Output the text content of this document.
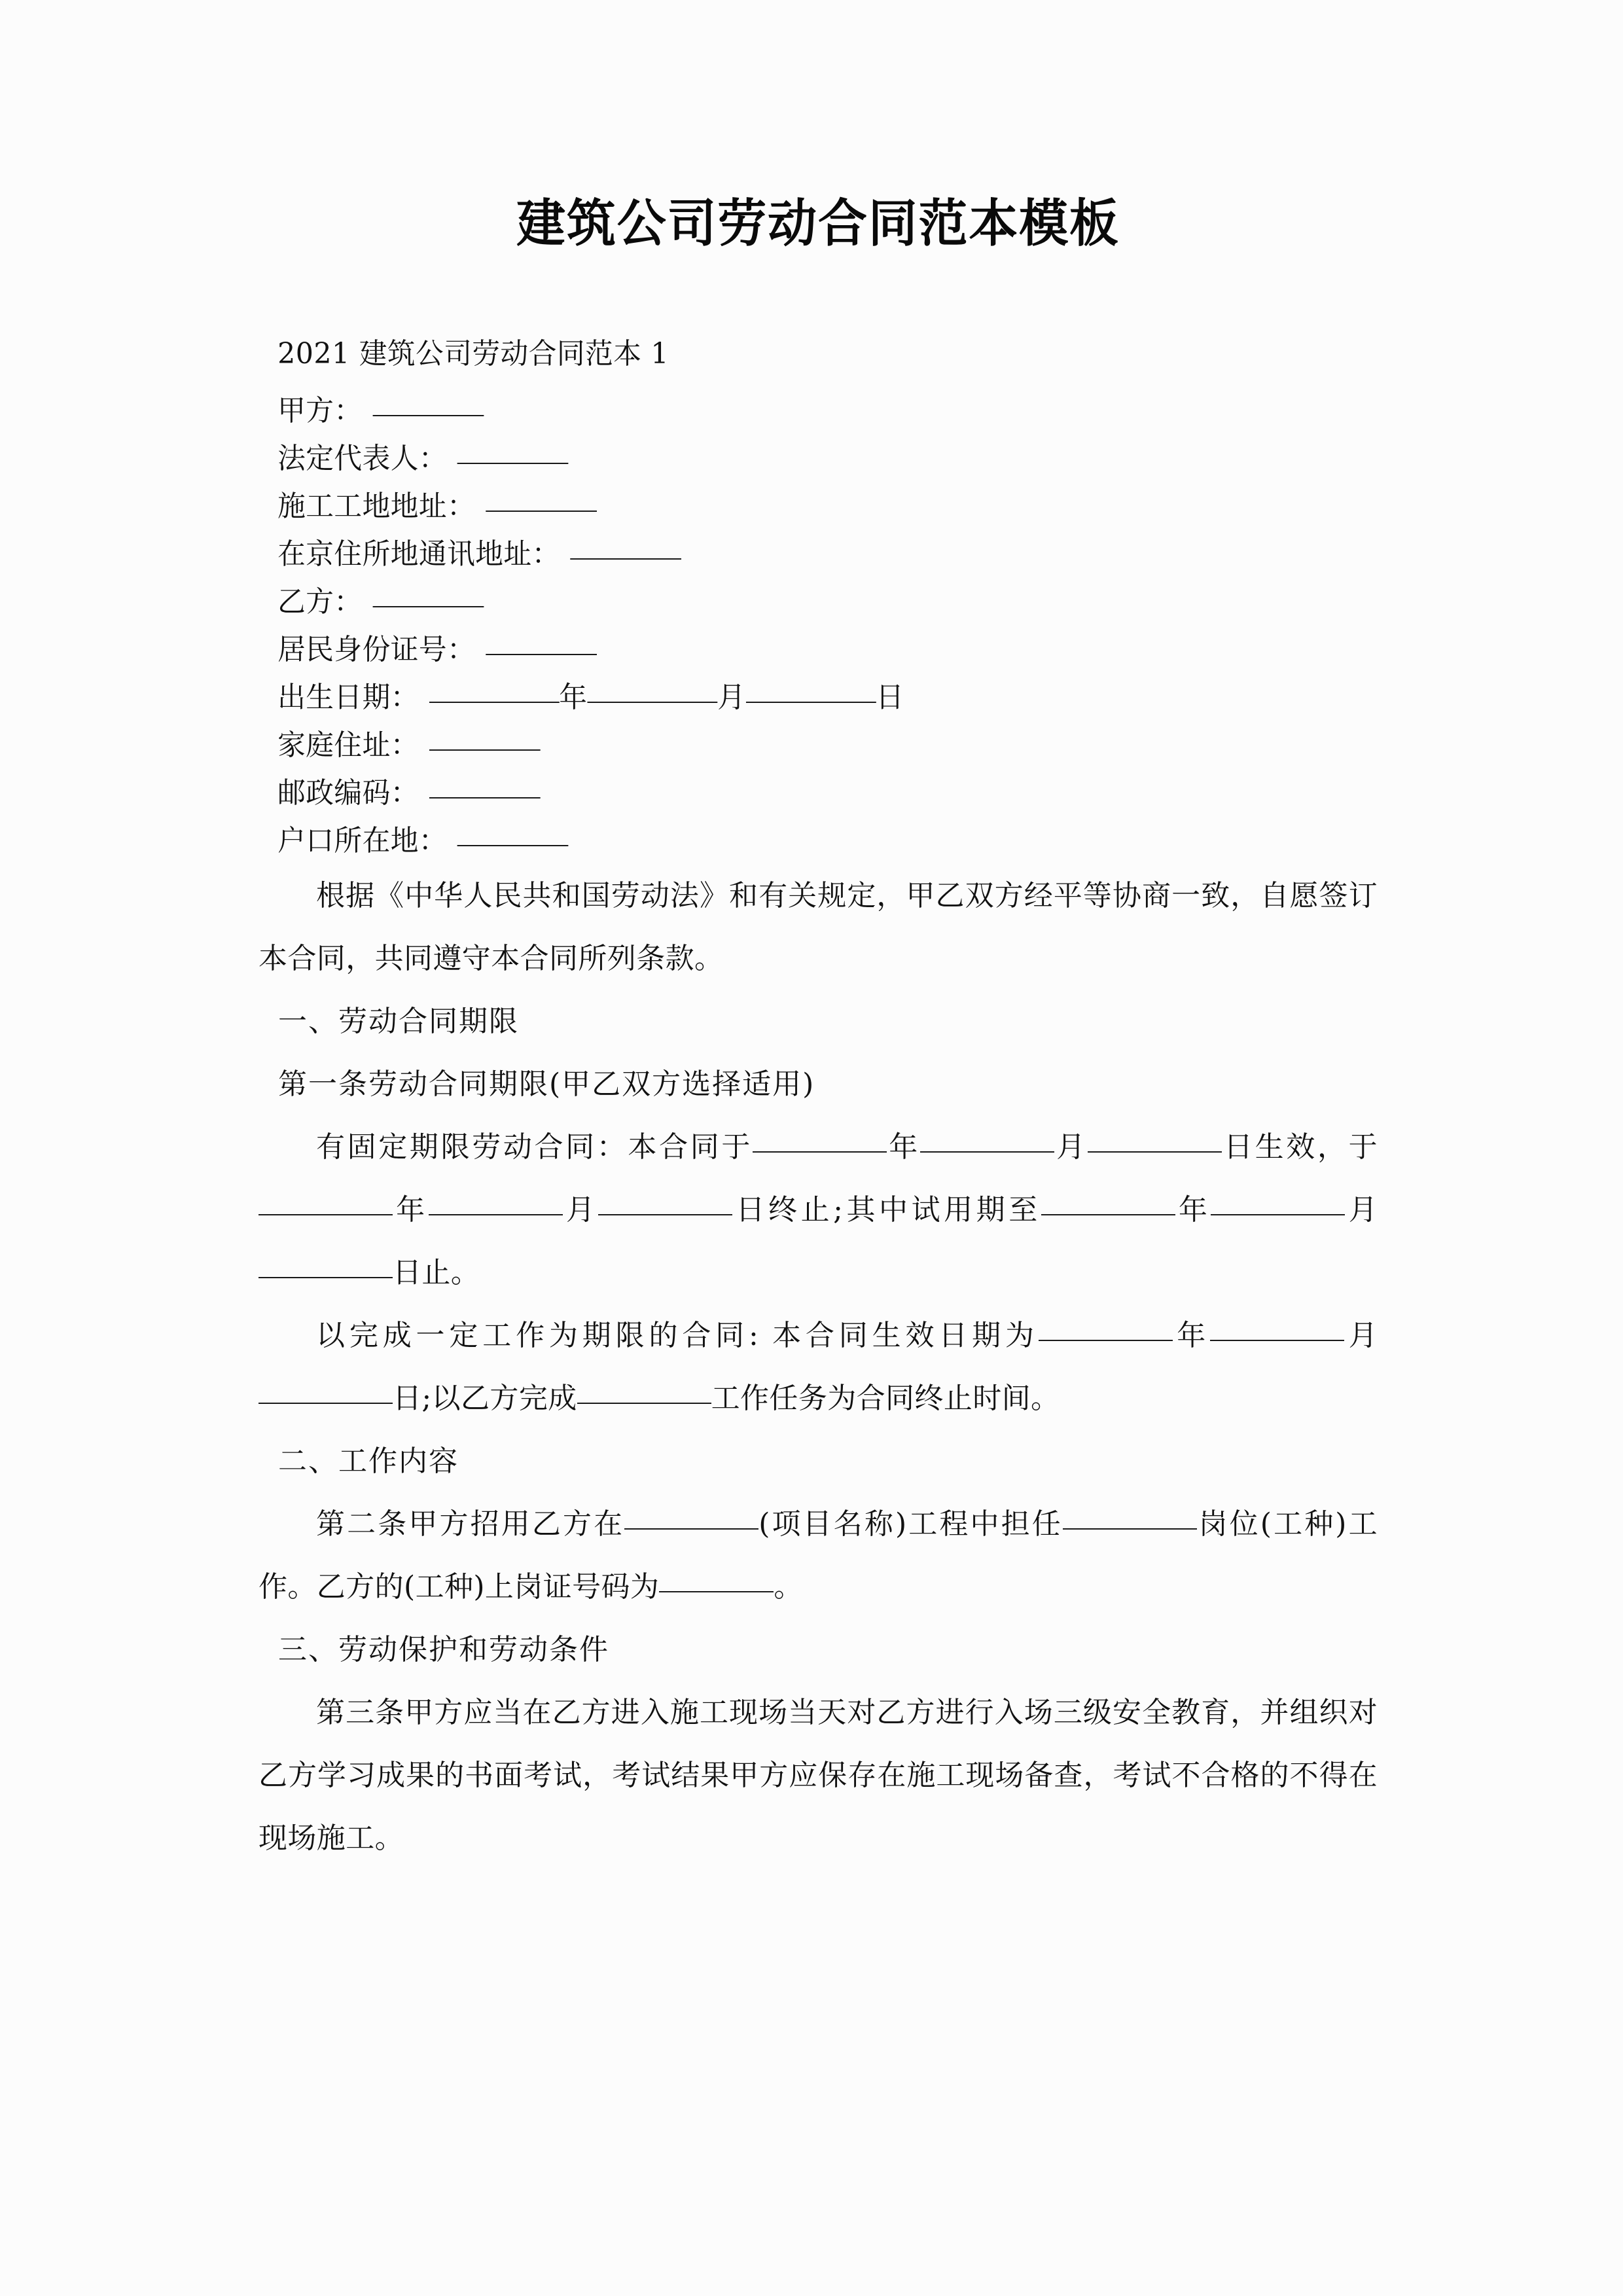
建筑公司劳动合同范本模板
2021 建筑公司劳动合同范本 1
甲方：
法定代表人：
施工工地地址：
在京住所地通讯地址：
乙方：
居民身份证号：
出生日期：	年	月	日
家庭住址：
邮政编码：
户口所在地：

根据《中华人民共和国劳动法》和有关规定，甲乙双方经平等协商一致，自愿签订本合同，共同遵守本合同所列条款。

一、劳动合同期限
第一条劳动合同期限(甲乙双方选择适用)

有固定期限劳动合同：本合同于	年	月	日生效，于年	月	日终止;其中试用期至	年	月日止。

以完成一定工作为期限的合同: 本合同生效日期为	年	月日;以乙方完成	工作任务为合同终止时间。

二、工作内容

第二条甲方招用乙方在	(项目名称)工程中担任	岗位(工种)工作。乙方的(工种)上岗证号码为	。

三、劳动保护和劳动条件

第三条甲方应当在乙方进入施工现场当天对乙方进行入场三级安全教育，并组织对乙方学习成果的书面考试，考试结果甲方应保存在施工现场备查，考试不合格的不得在现场施工。
